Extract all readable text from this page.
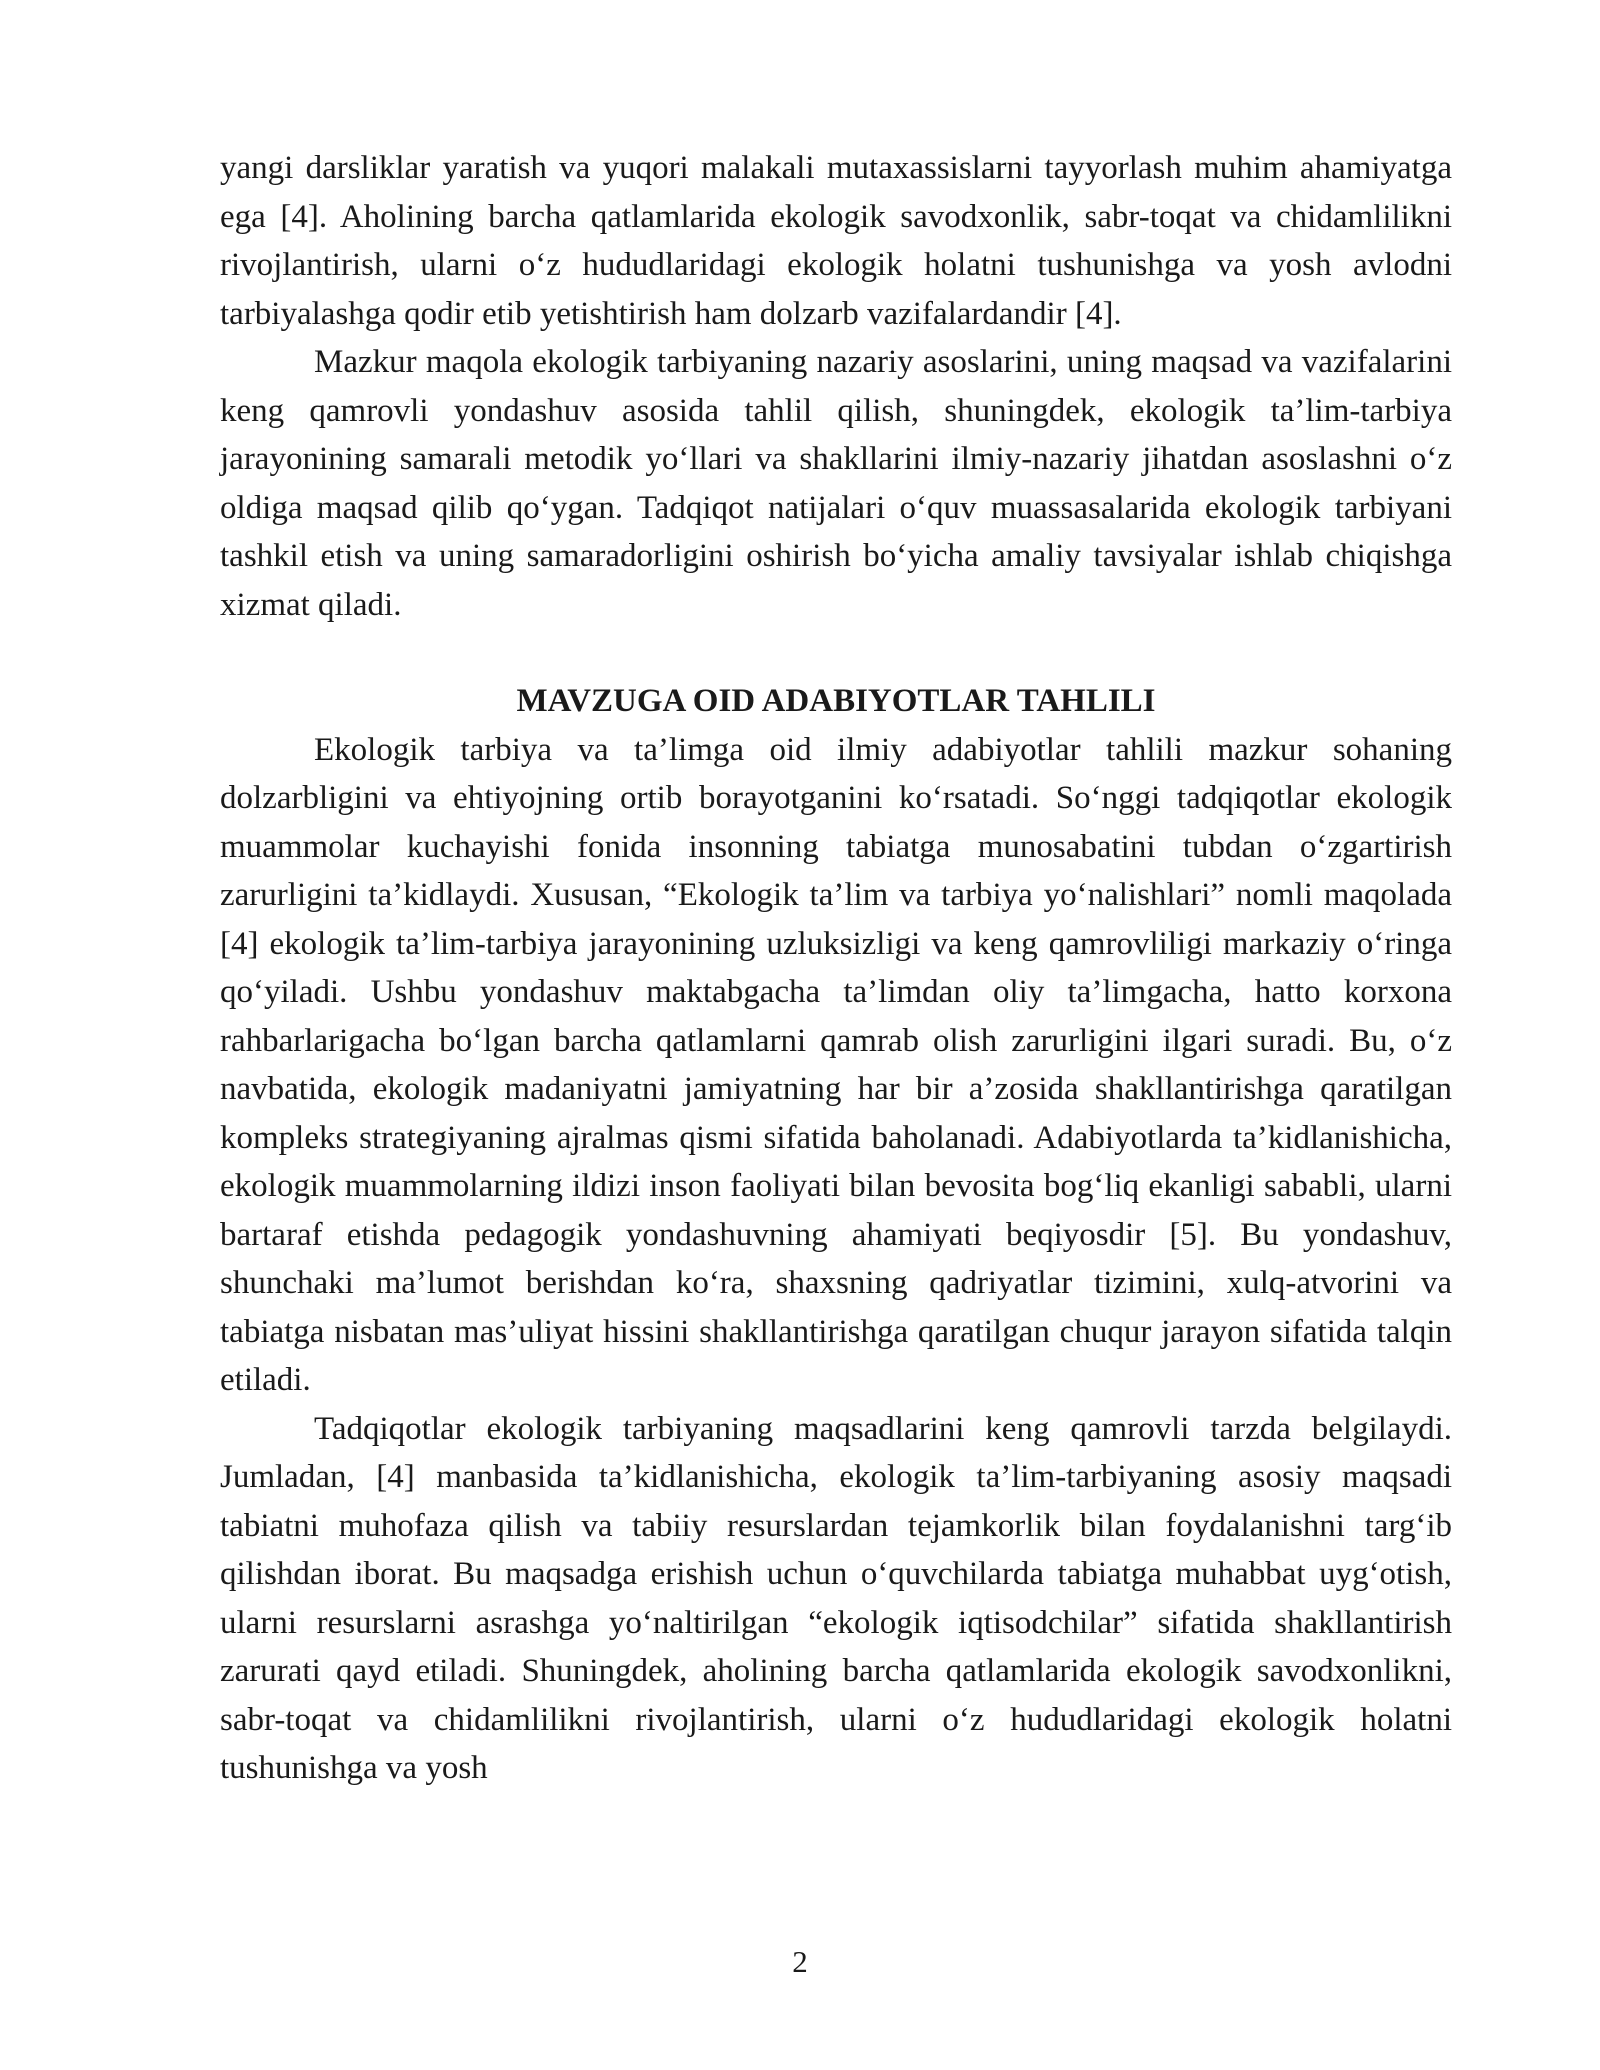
yangi darsliklar yaratish va yuqori malakali mutaxassislarni tayyorlash muhim ahamiyatga ega [4]. Aholining barcha qatlamlarida ekologik savodxonlik, sabr-toqat va chidamlilikni rivojlantirish, ularni o‘z hududlaridagi ekologik holatni tushunishga va yosh avlodni tarbiyalashga qodir etib yetishtirish ham dolzarb vazifalardandir [4].

Mazkur maqola ekologik tarbiyaning nazariy asoslarini, uning maqsad va vazifalarini keng qamrovli yondashuv asosida tahlil qilish, shuningdek, ekologik ta’lim-tarbiya jarayonining samarali metodik yo‘llari va shakllarini ilmiy-nazariy jihatdan asoslashni o‘z oldiga maqsad qilib qo‘ygan. Tadqiqot natijalari o‘quv muassasalarida ekologik tarbiyani tashkil etish va uning samaradorligini oshirish bo‘yicha amaliy tavsiyalar ishlab chiqishga xizmat qiladi.

MAVZUGA OID ADABIYOTLAR TAHLILI

Ekologik tarbiya va ta’limga oid ilmiy adabiyotlar tahlili mazkur sohaning dolzarbligini va ehtiyojning ortib borayotganini ko‘rsatadi. So‘nggi tadqiqotlar ekologik muammolar kuchayishi fonida insonning tabiatga munosabatini tubdan o‘zgartirish zarurligini ta’kidlaydi. Xususan, “Ekologik ta’lim va tarbiya yo‘nalishlari” nomli maqolada [4] ekologik ta’lim-tarbiya jarayonining uzluksizligi va keng qamrovliligi markaziy o‘ringa qo‘yiladi. Ushbu yondashuv maktabgacha ta’limdan oliy ta’limgacha, hatto korxona rahbarlarigacha bo‘lgan barcha qatlamlarni qamrab olish zarurligini ilgari suradi. Bu, o‘z navbatida, ekologik madaniyatni jamiyatning har bir a’zosida shakllantirishga qaratilgan kompleks strategiyaning ajralmas qismi sifatida baholanadi. Adabiyotlarda ta’kidlanishicha, ekologik muammolarning ildizi inson faoliyati bilan bevosita bog‘liq ekanligi sababli, ularni bartaraf etishda pedagogik yondashuvning ahamiyati beqiyosdir [5]. Bu yondashuv, shunchaki ma’lumot berishdan ko‘ra, shaxsning qadriyatlar tizimini, xulq-atvorini va tabiatga nisbatan mas’uliyat hissini shakllantirishga qaratilgan chuqur jarayon sifatida talqin etiladi.

Tadqiqotlar ekologik tarbiyaning maqsadlarini keng qamrovli tarzda belgilaydi. Jumladan, [4] manbasida ta’kidlanishicha, ekologik ta’lim-tarbiyaning asosiy maqsadi tabiatni muhofaza qilish va tabiiy resurslardan tejamkorlik bilan foydalanishni targ‘ib qilishdan iborat. Bu maqsadga erishish uchun o‘quvchilarda tabiatga muhabbat uyg‘otish, ularni resurslarni asrashga yo‘naltirilgan “ekologik iqtisodchilar” sifatida shakllantirish zarurati qayd etiladi. Shuningdek, aholining barcha qatlamlarida ekologik savodxonlikni, sabr-toqat va chidamlilikni rivojlantirish, ularni o‘z hududlaridagi ekologik holatni tushunishga va yosh

2
